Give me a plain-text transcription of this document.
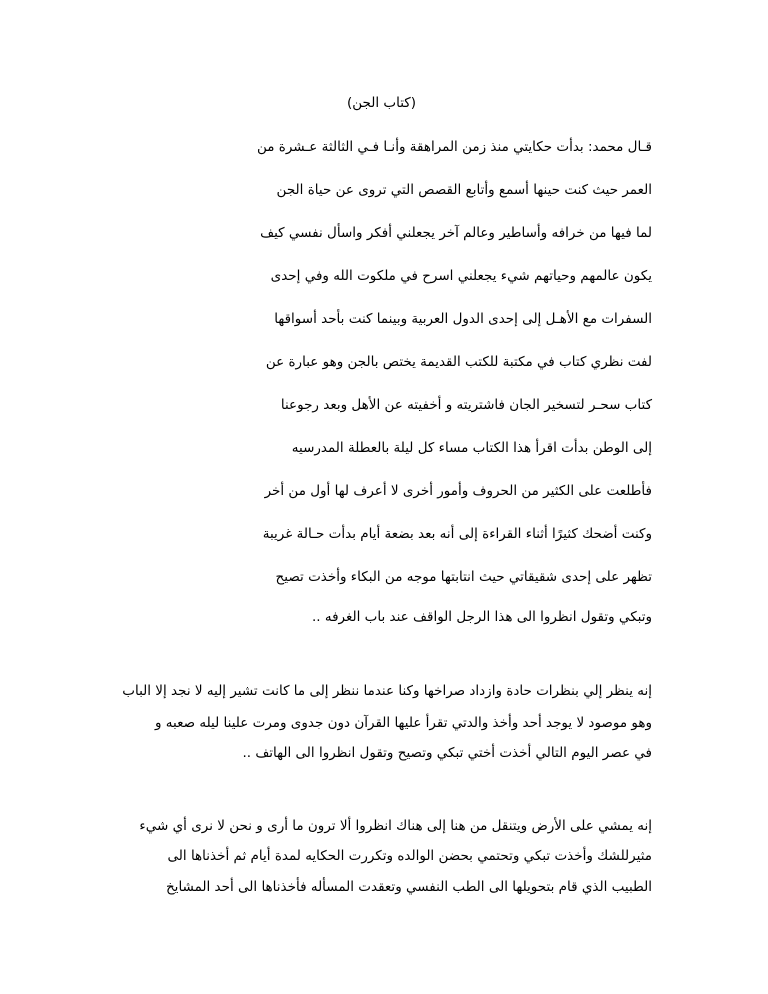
(كتاب الجن)

قـال محمد: بدأت حكايتي منذ زمن المراهقة وأنـا فـي الثالثة عـشرة من

العمر حيث كنت حينها أسمع وأتابع القصص التي تروى عن حياة الجن

لما فيها من خرافه وأساطير وعالم آخر يجعلني أفكر واسأل نفسي كيف

يكون عالمهم وحياتهم شيء يجعلني اسرح في ملكوت الله وفي إحدى

السفرات مع الأهـل إلى إحدى الدول العربية وبينما كنت بأحد أسواقها

لفت نظري كتاب في مكتبة للكتب القديمة يختص بالجن وهو عبارة عن

كتاب سحـر لتسخير الجان فاشتريته و أخفيته عن الأهل وبعد رجوعنا

إلى الوطن بدأت اقرأ هذا الكتاب مساء كل ليلة بالعطلة المدرسيه

فأطلعت على الكثير من الحروف وأمور أخرى لا أعرف لها أول من أخر

وكنت أضحك كثيرًا أثناء القراءة إلى أنه بعد بضعة أيام بدأت حـالة غريبة

تظهر على إحدى شقيقاتي حيث انتابتها موجه من البكاء وأخذت تصيح

وتبكي وتقول انظروا الى هذا الرجل الواقف عند باب الغرفه ..

إنه ينظر إلي بنظرات حادة وازداد صراخها وكنا عندما ننظر إلى ما كانت تشير إليه لا نجد إلا الباب

وهو موصود لا يوجد أحد وأخذ والدتي تقرأ عليها القرآن دون جدوى ومرت علينا ليله صعبه و

في عصر اليوم التالي أخذت أختي تبكي وتصيح وتقول انظروا الى الهاتف ..

إنه يمشي على الأرض ويتنقل من هنا إلى هناك انظروا ألا ترون ما أرى و نحن لا نرى أي شيء

مثيرللشك وأخذت تبكي وتحتمي بحضن الوالده وتكررت الحكايه لمدة أيام ثم أخذناها الى

الطبيب الذي قام بتحويلها الى الطب النفسي وتعقدت المسأله فأخذناها الى أحد المشايخ
